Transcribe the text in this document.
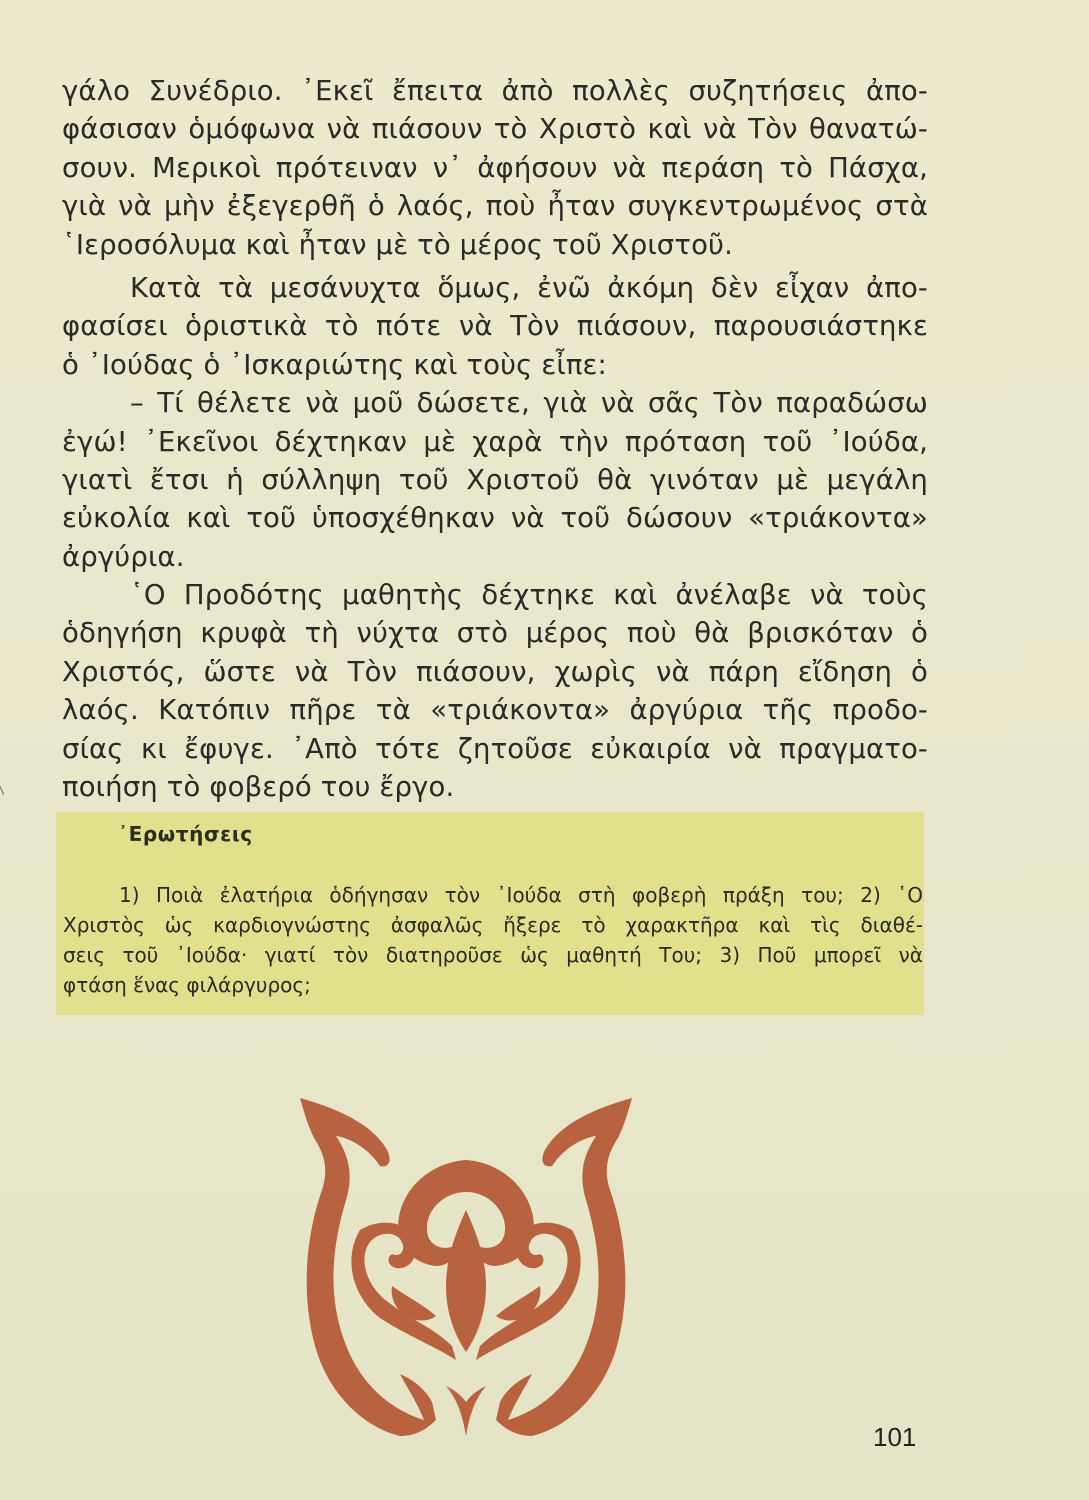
γάλο Συνέδριο. ᾿Εκεῖ ἔπειτα ἀπὸ πολλὲς συζητήσεις ἀπο-
φάσισαν ὁμόφωνα νὰ πιάσουν τὸ Χριστὸ καὶ νὰ Τὸν θανατώ-
σουν. Μερικοὶ πρότειναν ν᾿ ἀφήσουν νὰ περάση τὸ Πάσχα,
γιὰ νὰ μὴν ἐξεγερθῆ ὁ λαός, ποὺ ἦταν συγκεντρωμένος στὰ
῾Ιεροσόλυμα καὶ ἦταν μὲ τὸ μέρος τοῦ Χριστοῦ.
Κατὰ τὰ μεσάνυχτα ὅμως, ἐνῶ ἀκόμη δὲν εἶχαν ἀπο-
φασίσει ὁριστικὰ τὸ πότε νὰ Τὸν πιάσουν, παρουσιάστηκε
ὁ ᾿Ιούδας ὁ ᾿Ισκαριώτης καὶ τοὺς εἶπε:
– Τί θέλετε νὰ μοῦ δώσετε, γιὰ νὰ σᾶς Τὸν παραδώσω
ἐγώ! ᾿Εκεῖνοι δέχτηκαν μὲ χαρὰ τὴν πρόταση τοῦ ᾿Ιούδα,
γιατὶ ἔτσι ἡ σύλληψη τοῦ Χριστοῦ θὰ γινόταν μὲ μεγάλη
εὐκολία καὶ τοῦ ὑποσχέθηκαν νὰ τοῦ δώσουν «τριάκοντα»
ἀργύρια.
῾Ο Προδότης μαθητὴς δέχτηκε καὶ ἀνέλαβε νὰ τοὺς
ὁδηγήση κρυφὰ τὴ νύχτα στὸ μέρος ποὺ θὰ βρισκόταν ὁ
Χριστός, ὥστε νὰ Τὸν πιάσουν, χωρὶς νὰ πάρη εἴδηση ὁ
λαός. Κατόπιν πῆρε τὰ «τριάκοντα» ἀργύρια τῆς προδο-
σίας κι ἔφυγε. ᾿Απὸ τότε ζητοῦσε εὐκαιρία νὰ πραγματο-
ποιήση τὸ φοβερό του ἔργο.
᾿Ερωτήσεις
1) Ποιὰ ἐλατήρια ὁδήγησαν τὸν ᾿Ιούδα στὴ φοβερὴ πράξη του; 2) ῾Ο
Χριστὸς ὡς καρδιογνώστης ἀσφαλῶς ἤξερε τὸ χαρακτῆρα καὶ τὶς διαθέ-
σεις τοῦ ᾿Ιούδα· γιατί τὸν διατηροῦσε ὡς μαθητή Του; 3) Ποῦ μπορεῖ νὰ
φτάση ἕνας φιλάργυρος;
101
